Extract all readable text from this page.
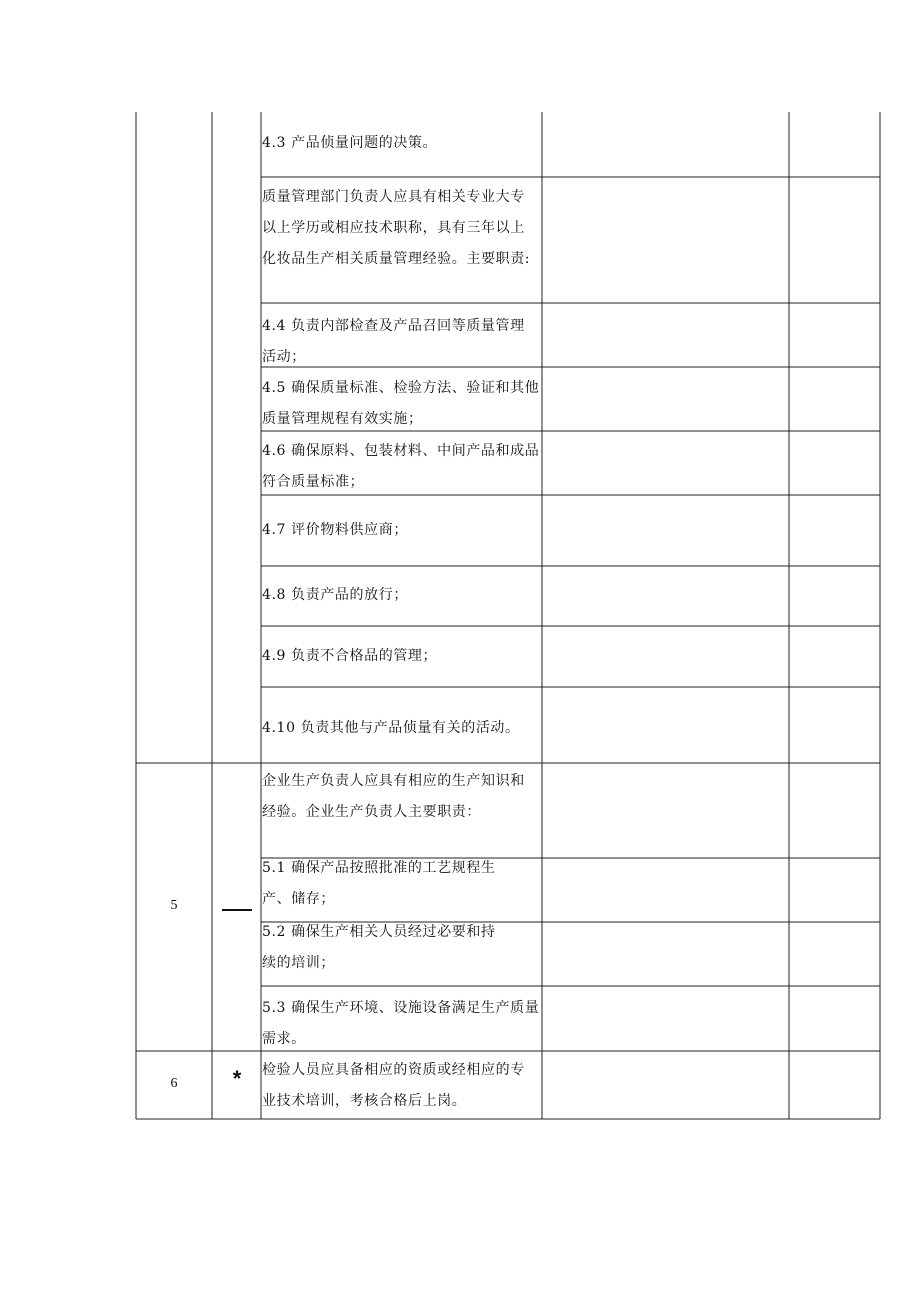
4.3 产品侦量问题的决策。
质量管理部门负责人应具有相关专业大专
以上学历或相应技术职称，具有三年以上
化妆品生产相关质量管理经验。主要职责:
4.4 负责内部检查及产品召回等质量管理
活动；
4.5 确保质量标准、检验方法、验证和其他
质量管理规程有效实施；
4.6 确保原料、包装材料、中间产品和成品
符合质量标准；
4.7 评价物料供应商；
4.8 负责产品的放行；
4.9 负责不合格品的管理；
4.10 负责其他与产品侦量有关的活动。
企业生产负责人应具有相应的生产知识和
经验。企业生产负责人主要职责：
5.1 确保产品按照批准的工艺规程生
产、储存；
5.2 确保生产相关人员经过必要和持
续的培训；
5.3 确保生产环境、设施设备满足生产质量
需求。
检验人员应具备相应的资质或经相应的专
业技术培训，考核合格后上岗。
5
6	*
